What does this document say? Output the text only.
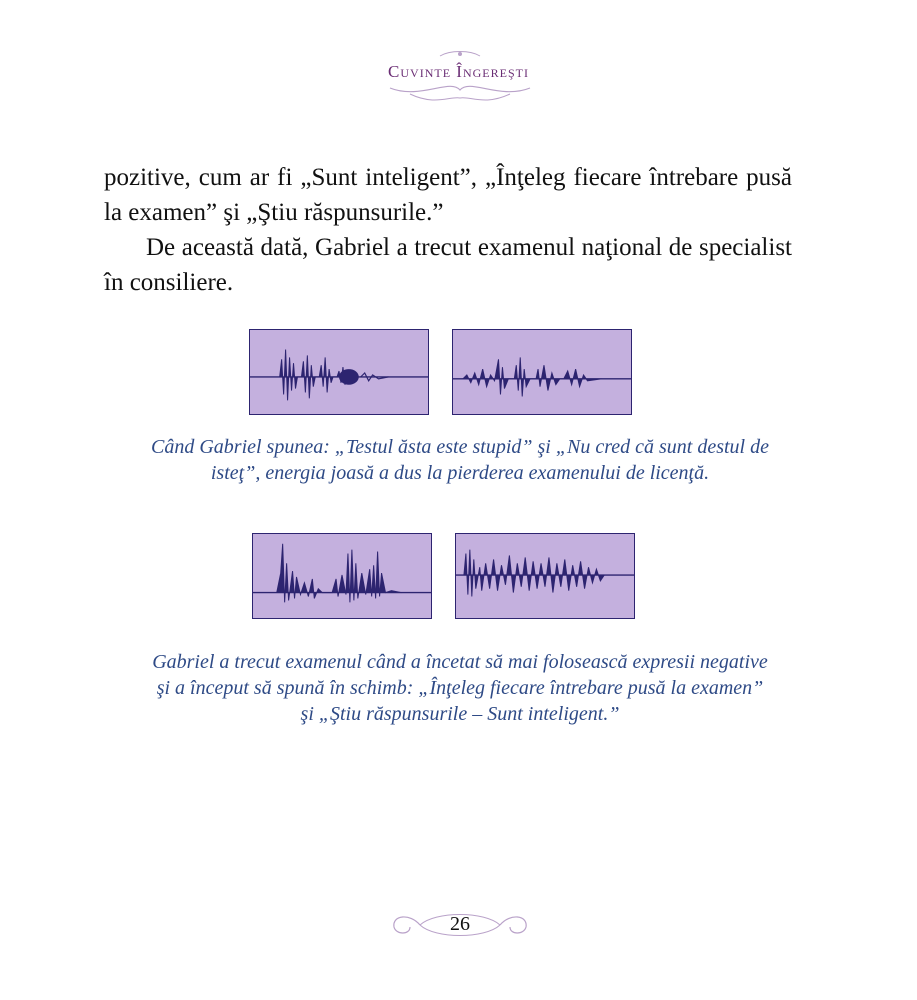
Cuvinte Îngereşti

pozitive, cum ar fi „Sunt inteligent”, „Înţeleg fiecare întrebare pusă la examen” şi „Ştiu răspunsurile.”

De această dată, Gabriel a trecut examenul naţional de specialist în consiliere.

Când Gabriel spunea: „Testul ăsta este stupid” şi „Nu cred că sunt destul de isteţ”, energia joasă a dus la pierderea examenului de licenţă.

Gabriel a trecut examenul când a încetat să mai folosească expresii negative şi a început să spună în schimb: „Înţeleg fiecare întrebare pusă la examen” şi „Ştiu răspunsurile – Sunt inteligent.”

26
